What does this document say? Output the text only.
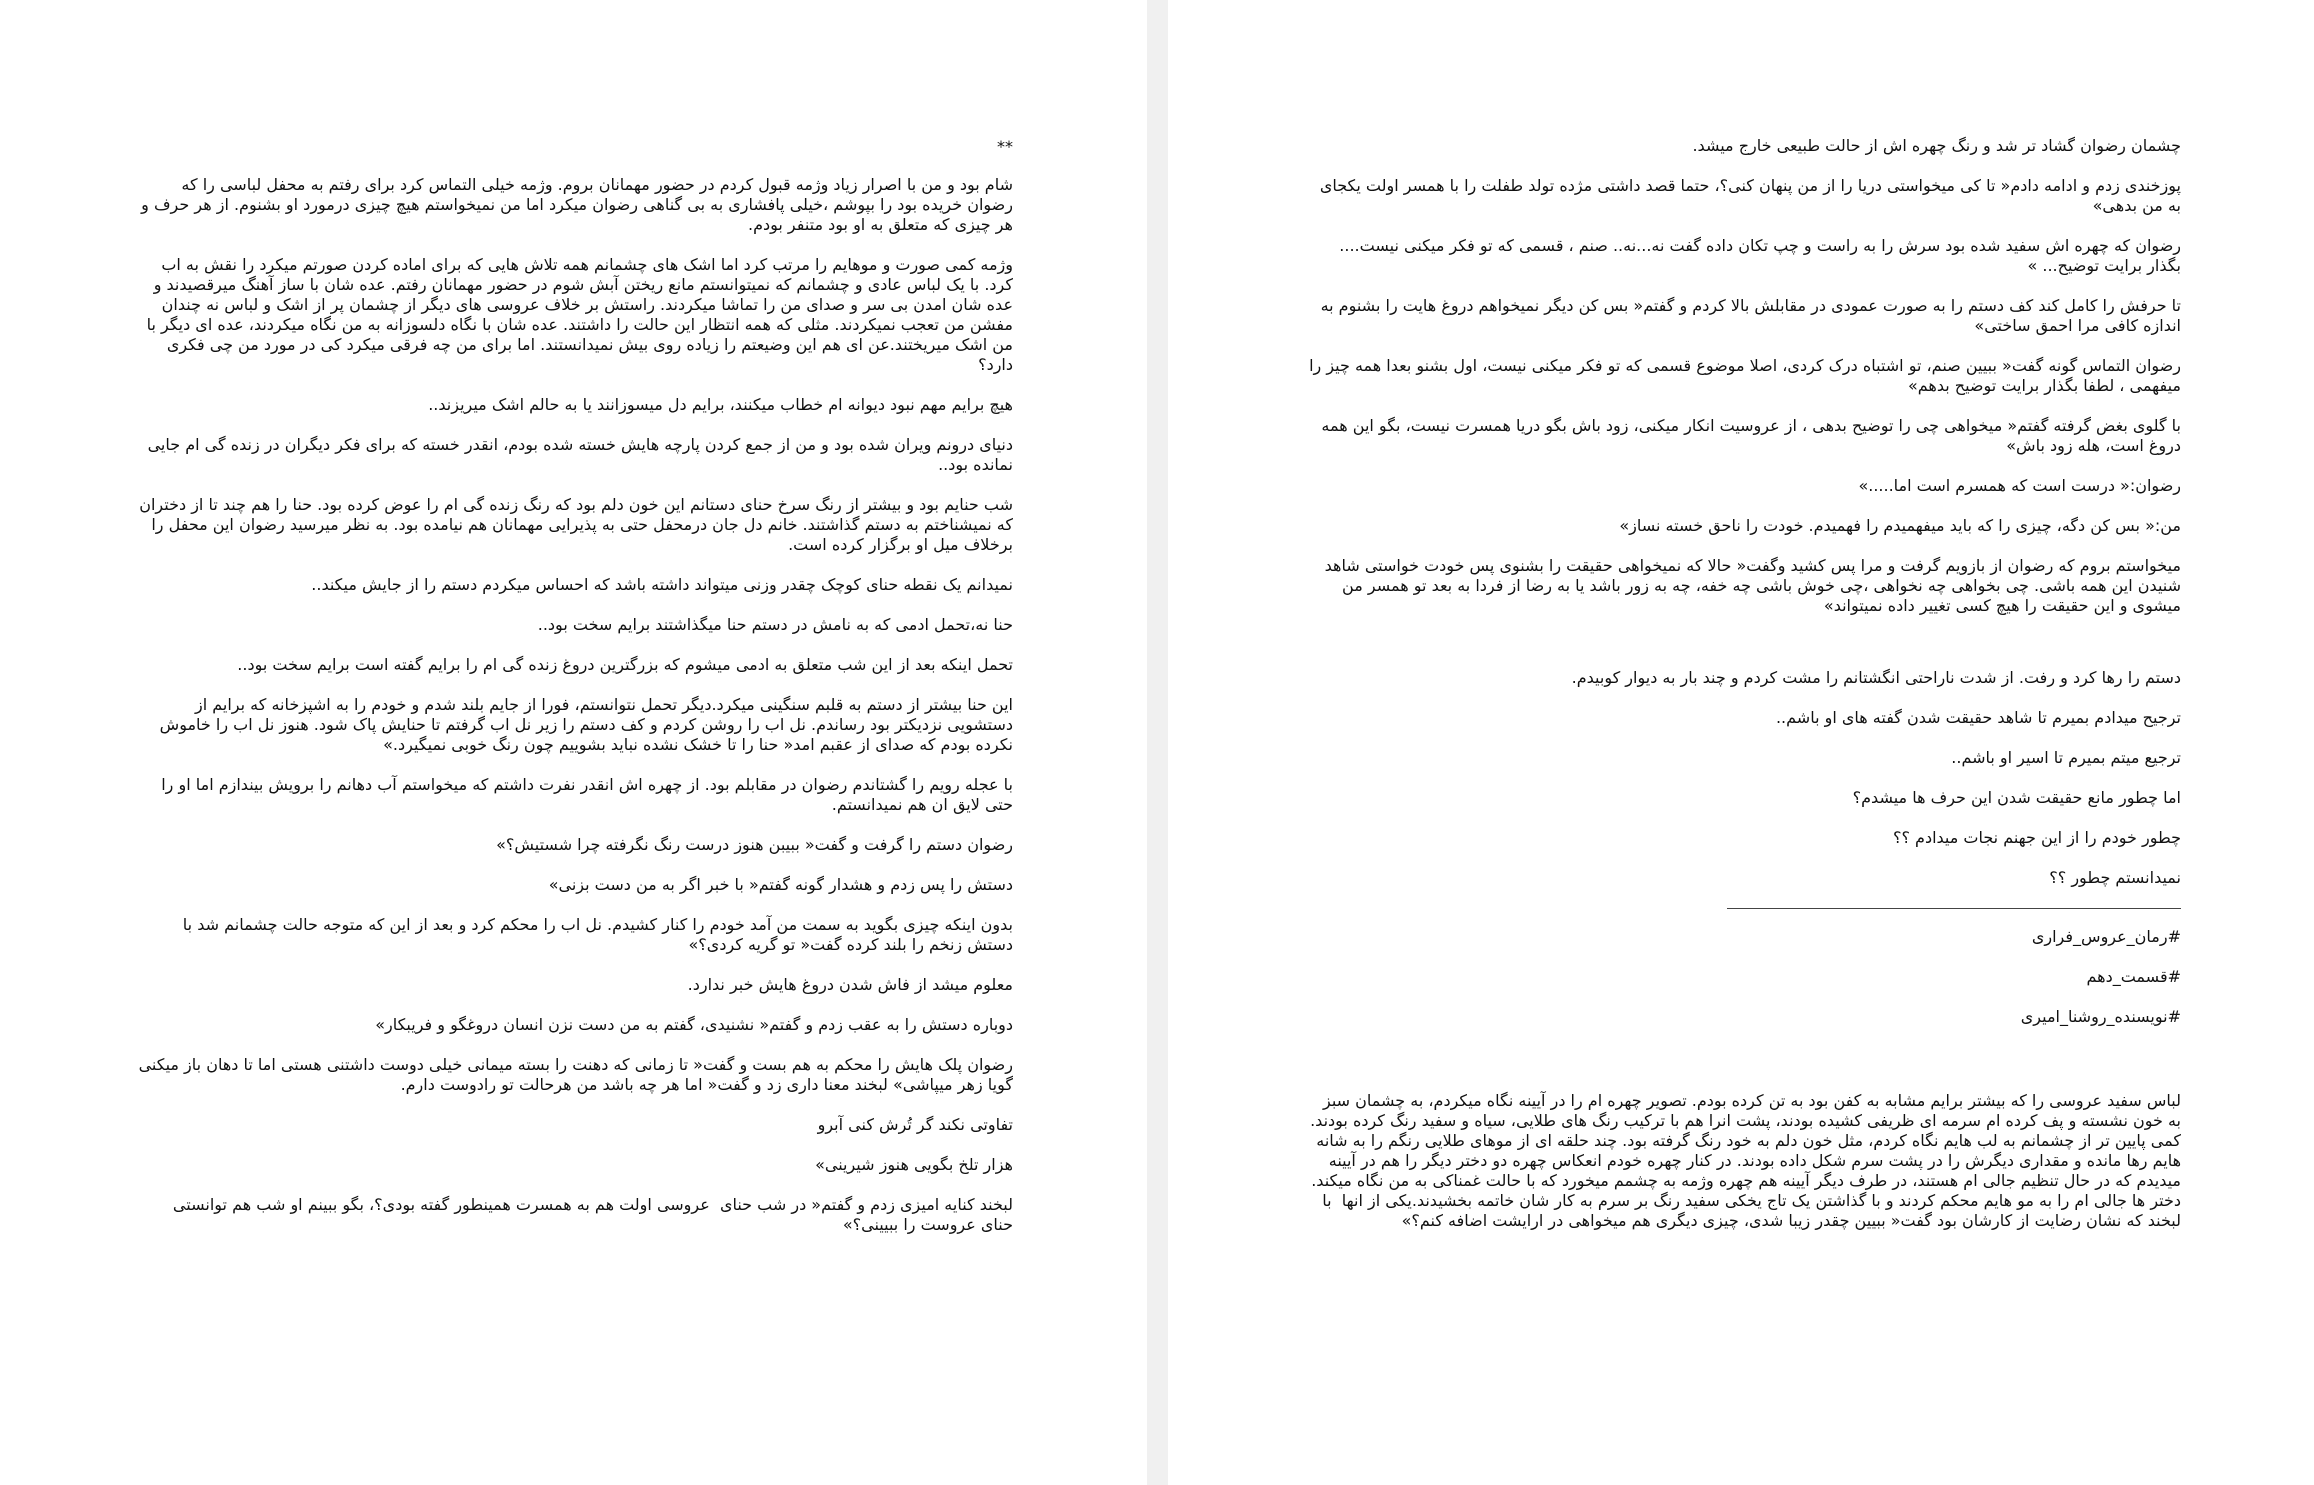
**

شام بود و من با اصرار زیاد وژمه قبول کردم در حضور مهمانان بروم. وژمه خیلی التماس کرد برای رفتم به محفل لباسی را که رضوان خریده بود را بپوشم ،خیلی پافشاری به بی گناهی رضوان میکرد اما من نمیخواستم هیچ چیزی درمورد او بشنوم. از هر حرف و هر چیزی که متعلق به او بود متنفر بودم.

وژمه کمی صورت و موهایم را مرتب کرد اما اشک های چشمانم همه تلاش هایی که برای اماده کردن صورتم میکرد را نقش به اب کرد. با یک لباس عادی و چشمانم که نمیتوانستم مانع ریختن آبش شوم در حضور مهمانان رفتم. عده شان با ساز آهنگ میرقصیدند و عده شان امدن بی سر و صدای من را تماشا میکردند. راستش بر خلاف عروسی های دیگر از چشمان پر از اشک و لباس نه چندان مفشن من تعجب نمیکردند. مثلی که همه انتظار این حالت را داشتند. عده شان با نگاه دلسوزانه به من نگاه میکردند، عده ای دیگر با من اشک میریختند.عن ای هم این وضیعتم را زیاده روی بیش نمیدانستند. اما برای من چه فرقی میکرد کی در مورد من چی فکری دارد؟

هیچ برایم مهم نبود دیوانه ام خطاب میکنند، برایم دل میسوزانند یا به حالم اشک میریزند..

دنیای درونم ویران شده بود و من از جمع کردن پارچه هایش خسته شده بودم، انقدر خسته که برای فکر دیگران در زنده گی ام جایی نمانده بود..

شب حنایم بود و بیشتر از رنگ سرخ حنای دستانم این خون دلم بود که رنگ زنده گی ام را عوض کرده بود. حنا را هم چند تا از دختران که نمیشناختم به دستم گذاشتند. خانم دل جان درمحفل حتی به پذیرایی مهمانان هم نیامده بود. به نظر میرسید رضوان این محفل را برخلاف میل او برگزار کرده است.

نمیدانم یک نقطه حنای کوچک چقدر وزنی میتواند داشته باشد که احساس میکردم دستم را از جایش میکند..

حنا نه،تحمل ادمی که به نامش در دستم حنا میگذاشتند برایم سخت بود..

تحمل اینکه بعد از این شب متعلق به ادمی میشوم که بزرگترین دروغ زنده گی ام را برایم گفته است برایم سخت بود..

این حنا بیشتر از دستم به قلبم سنگینی میکرد.دیگر تحمل نتوانستم، فورا از جایم بلند شدم و خودم را به اشپزخانه که برایم از دستشویی نزدیکتر بود رساندم. نل اب را روشن کردم و کف دستم را زیر نل اب گرفتم تا حنایش پاک شود. هنوز نل اب را خاموش نکرده بودم که صدای از عقبم امد« حنا را تا خشک نشده نباید بشوییم چون رنگ خوبی نمیگیرد.»

با عجله رویم را گشتاندم رضوان در مقابلم بود. از چهره اش انقدر نفرت داشتم که میخواستم آب دهانم را برویش بیندازم اما او را حتی لایق ان هم نمیدانستم.

رضوان دستم را گرفت و گفت« ببیبن هنوز درست رنگ نگرفته چرا شستیش؟»

دستش را پس زدم و هشدار گونه گفتم« با خبر اگر به من دست بزنی»

بدون اینکه چیزی بگوید به سمت من آمد خودم را کنار کشیدم. نل اب را محکم کرد و بعد از این که متوجه حالت چشمانم شد با دستش زنخم را بلند کرده گفت« تو گریه کردی؟»

معلوم میشد از فاش شدن دروغ هایش خبر ندارد.

دوباره دستش را به عقب زدم و گفتم« نشنیدی، گفتم به من دست نزن انسان دروغگو و فریبکار»

رضوان پلک هایش را محکم به هم بست و گفت« تا زمانی که دهنت را بسته میمانی خیلی دوست داشتنی هستی اما تا دهان باز میکنی گویا زهر میپاشی» لبخند معنا داری زد و گفت« اما هر چه باشد من هرحالت تو رادوست دارم.

تفاوتی نکند گر تُرش کنی آبرو

هزار تلخ بگویی هنوز شیرینی»

لبخند کنایه امیزی زدم و گفتم« در شب حنای  عروسی اولت هم به همسرت همینطور گفته بودی؟، بگو ببینم او شب هم توانستی حنای عروست را ببیینی؟»

چشمان رضوان گشاد تر شد و رنگ چهره اش از حالت طبیعی خارج میشد.

پوزخندی زدم و ادامه دادم« تا کی میخواستی دریا را از من پنهان کنی؟، حتما قصد داشتی مژده تولد طفلت را با همسر اولت یکجای به من بدهی»

رضوان که چهره اش سفید شده بود سرش را به راست و چپ تکان داده گفت نه...نه.. صنم ، قسمی که تو فکر میکنی نیست.... بگذار برایت توضیح... »

تا حرفش را کامل کند کف دستم را به صورت عمودی در مقابلش بالا کردم و گفتم« بس کن دیگر نمیخواهم دروغ هایت را بشنوم به اندازه کافی مرا احمق ساختی»

رضوان التماس گونه گفت« ببیین صنم، تو اشتباه درک کردی، اصلا موضوع قسمی که تو فکر میکنی نیست، اول بشنو بعدا همه چیز را میفهمی ، لطفا بگذار برایت توضیح بدهم»

با گلوی بغض گرفته گفتم« میخواهی چی را توضیح بدهی ، از عروسیت انکار میکنی، زود باش بگو دریا همسرت نیست، بگو این همه دروغ است، هله زود باش»

رضوان:« درست است که همسرم است اما.....»

من:« بس کن دگه، چیزی را که باید میفهمیدم را فهمیدم. خودت را ناحق خسته نساز»

میخواستم بروم که رضوان از بازویم گرفت و مرا پس کشید وگفت« حالا که نمیخواهی حقیقت را بشنوی پس خودت خواستی شاهد شنیدن این همه باشی. چی بخواهی چه نخواهی ،چی خوش باشی چه خفه، چه به زور باشد یا به رضا از فردا به بعد تو همسر من میشوی و این حقیقت را هیچ کسی تغییر داده نمیتواند»

دستم را رها کرد و رفت. از شدت ناراحتی انگشتانم را مشت کردم و چند بار به دیوار کوبیدم.

ترجیح میدادم بمیرم تا شاهد حقیقت شدن گفته های او باشم..

ترجیع میتم بمیرم تا اسیر او باشم..

اما چطور مانع حقیقت شدن این حرف ها میشدم؟

چطور خودم را از این جهنم نجات میدادم ؟؟

نمیدانستم چطور ؟؟

#رمان_عروس_فراری

#قسمت_دهم

#نویسنده_روشنا_امیری

لباس سفید عروسی را که بیشتر برایم مشابه به کفن بود به تن کرده بودم. تصویر چهره ام را در آیینه نگاه میکردم، به چشمان سبز به خون نشسته و پف کرده ام سرمه ای ظریفی کشیده بودند، پشت انرا هم با ترکیب رنگ های طلایی، سیاه و سفید رنگ کرده بودند. کمی پایین تر از چشمانم به لب هایم نگاه کردم، مثل خون دلم به خود رنگ گرفته بود. چند حلقه ای از موهای طلایی رنگم را به شانه هایم رها مانده و مقداری دیگرش را در پشت سرم شکل داده بودند. در کنار چهره خودم انعکاس چهره دو دختر دیگر را هم در آیینه میدیدم که در حال تنظیم جالی ام هستند، در طرف دیگر آیینه هم چهره وژمه به چشمم میخورد که با حالت غمناکی به من نگاه میکند. دختر ها جالی ام را به مو هایم محکم کردند و با گذاشتن یک تاج یخکی سفید رنگ بر سرم به کار شان خاتمه بخشیدند.یکی از انها  با لبخند که نشان رضایت از کارشان بود گفت« ببیین چقدر زیبا شدی، چیزی دیگری هم میخواهی در ارایشت اضافه کنم؟»
